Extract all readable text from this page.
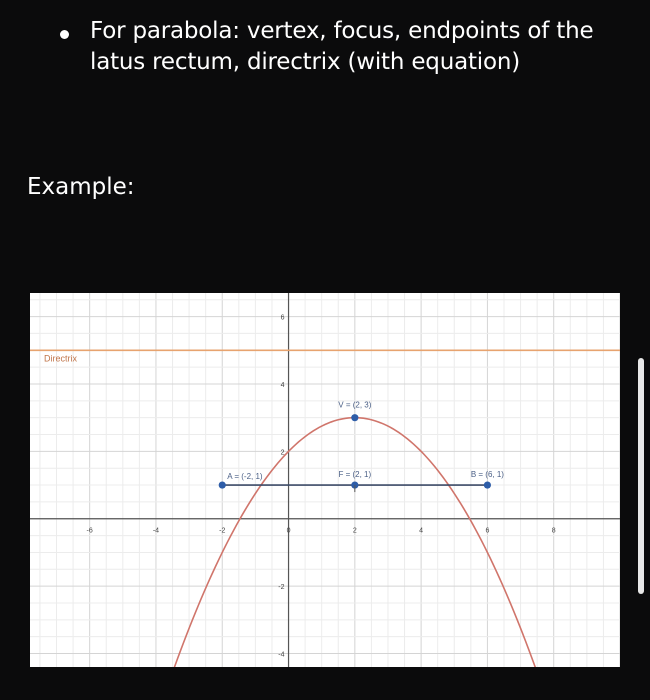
For parabola: vertex, focus, endpoints of the latus rectum, directrix (with equation)
Example:
-6	-4	-2	0	2	4	6	8
-4
-2
2
4
6
Directrix
A = (-2, 1)
V = (2, 3)
F = (2, 1)	B = (6, 1)
